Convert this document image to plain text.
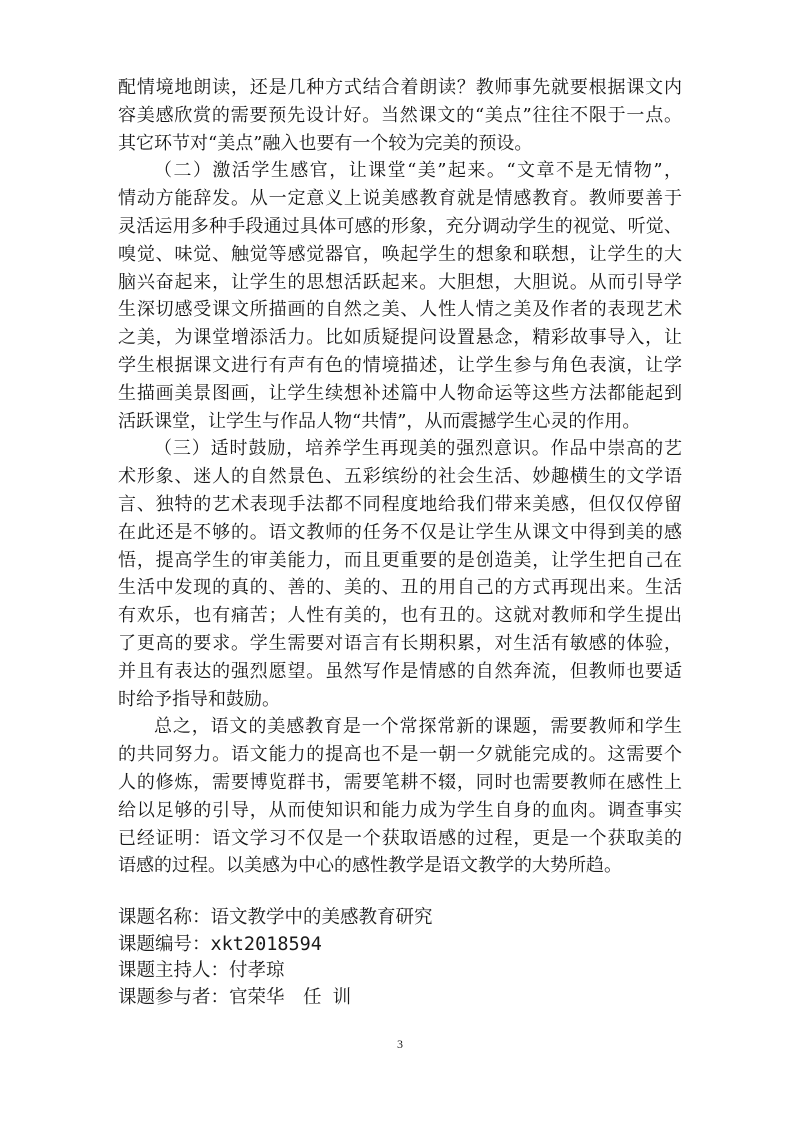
配情境地朗读，还是几种方式结合着朗读？教师事先就要根据课文内
容美感欣赏的需要预先设计好。当然课文的“美点”往往不限于一点。
其它环节对“美点”融入也要有一个较为完美的预设。
（二）激活学生感官，让课堂“美”起来。“文章不是无情物”，
情动方能辞发。从一定意义上说美感教育就是情感教育。教师要善于
灵活运用多种手段通过具体可感的形象，充分调动学生的视觉、听觉、
嗅觉、味觉、触觉等感觉器官，唤起学生的想象和联想，让学生的大
脑兴奋起来，让学生的思想活跃起来。大胆想，大胆说。从而引导学
生深切感受课文所描画的自然之美、人性人情之美及作者的表现艺术
之美，为课堂增添活力。比如质疑提问设置悬念，精彩故事导入，让
学生根据课文进行有声有色的情境描述，让学生参与角色表演，让学
生描画美景图画，让学生续想补述篇中人物命运等这些方法都能起到
活跃课堂，让学生与作品人物“共情”，从而震撼学生心灵的作用。
（三）适时鼓励，培养学生再现美的强烈意识。作品中崇高的艺
术形象、迷人的自然景色、五彩缤纷的社会生活、妙趣横生的文学语
言、独特的艺术表现手法都不同程度地给我们带来美感，但仅仅停留
在此还是不够的。语文教师的任务不仅是让学生从课文中得到美的感
悟，提高学生的审美能力，而且更重要的是创造美，让学生把自己在
生活中发现的真的、善的、美的、丑的用自己的方式再现出来。生活
有欢乐，也有痛苦；人性有美的，也有丑的。这就对教师和学生提出
了更高的要求。学生需要对语言有长期积累，对生活有敏感的体验，
并且有表达的强烈愿望。虽然写作是情感的自然奔流，但教师也要适
时给予指导和鼓励。
总之，语文的美感教育是一个常探常新的课题，需要教师和学生
的共同努力。语文能力的提高也不是一朝一夕就能完成的。这需要个
人的修炼，需要博览群书，需要笔耕不辍，同时也需要教师在感性上
给以足够的引导，从而使知识和能力成为学生自身的血肉。调查事实
已经证明：语文学习不仅是一个获取语感的过程，更是一个获取美的
语感的过程。以美感为中心的感性教学是语文教学的大势所趋。
课题名称：语文教学中的美感教育研究
课题编号：xkt2018594
课题主持人：付孝琼
课题参与者：官荣华　任 训
3
